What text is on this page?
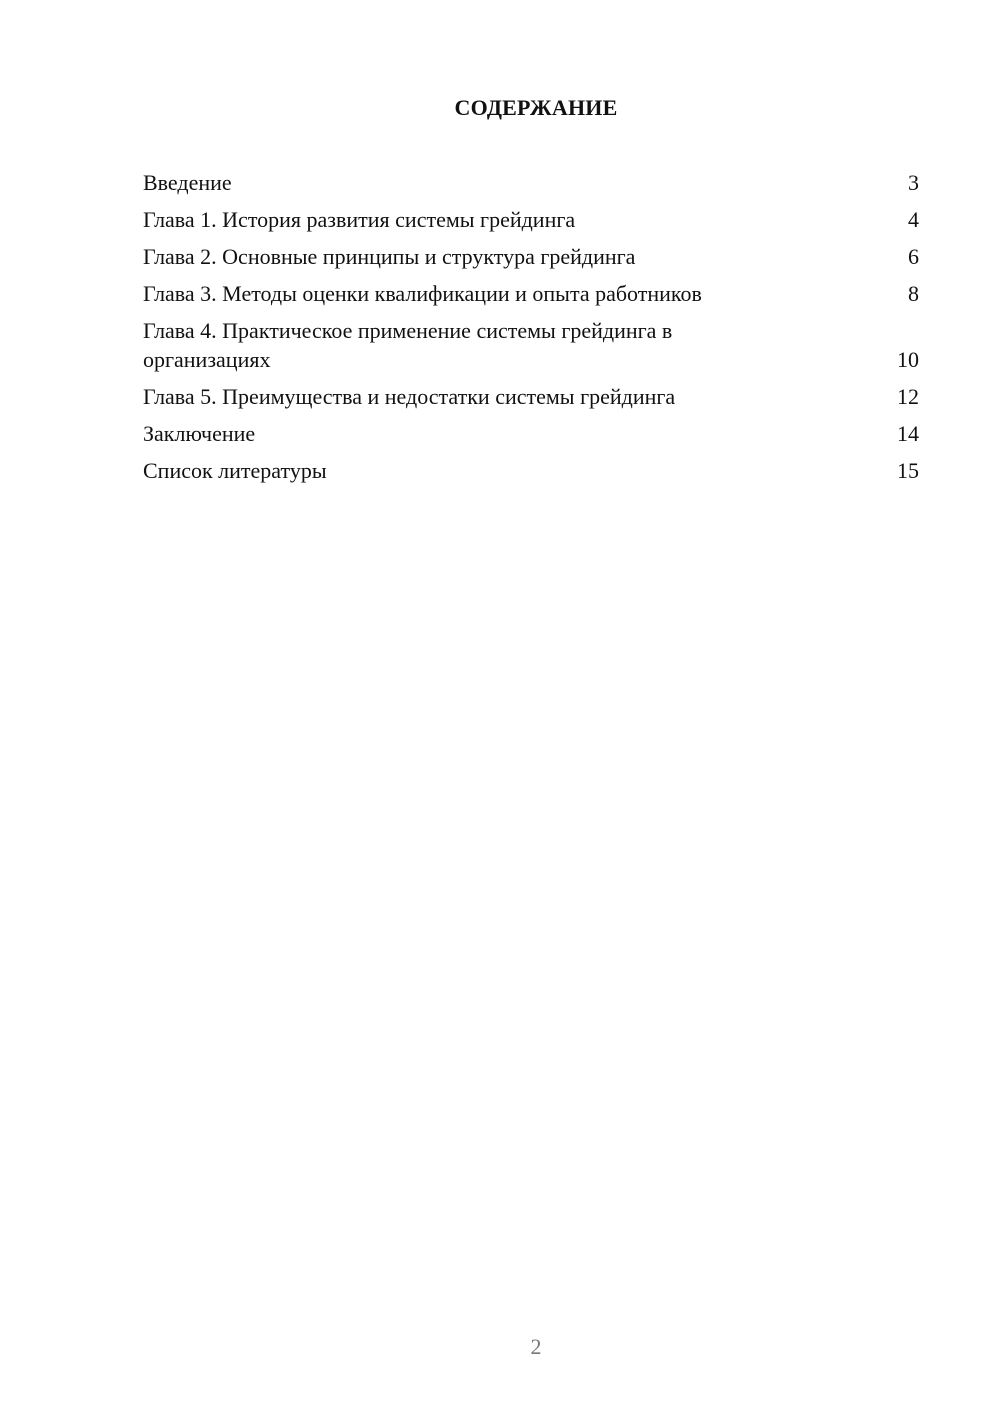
СОДЕРЖАНИЕ
Введение	3
Глава 1. История развития системы грейдинга	4
Глава 2. Основные принципы и структура грейдинга	6
Глава 3. Методы оценки квалификации и опыта работников	8
Глава 4. Практическое применение системы грейдинга в организациях	10
Глава 5. Преимущества и недостатки системы грейдинга	12
Заключение	14
Список литературы	15
2
